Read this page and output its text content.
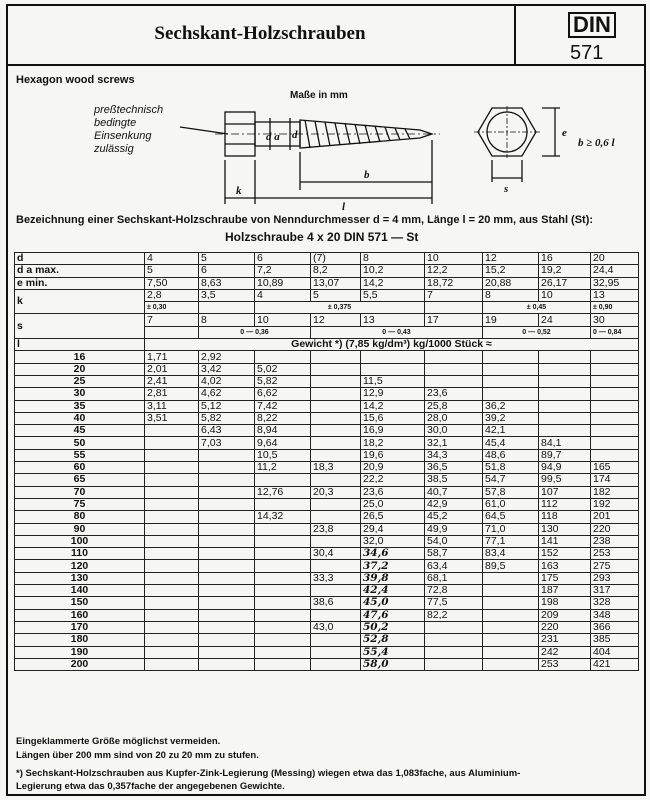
Sechskant-Holzschrauben	DIN
571
Hexagon wood screws
Maße in mm
preßtechnisch
bedingte
Einsenkung
zulässig
d a d
b
k
l
s
e
b ≥ 0,6 l
Bezeichnung einer Sechskant-Holzschraube von Nenndurchmesser d = 4 mm, Länge l = 20 mm, aus Stahl (St):
Holzschraube 4 x 20 DIN 571 — St
d	4	5	6	(7)	8	10	12	16	20
d a max.	5	6	7,2	8,2	10,2	12,2	15,2	19,2	24,4
e min.	7,50	8,63	10,89	13,07	14,2	18,72	20,88	26,17	32,95
k	2,8	3,5	4	5	5,5	7	8	10	13
	± 0,30		± 0,375				± 0,45		± 0,90
s	7	8	10	12	13	17	19	24	30
		0 — 0,36		0 — 0,43			0 — 0,52		0 — 0,84
l	Gewicht *) (7,85 kg/dm³) kg/1000 Stück ≈								
16	1,71	2,92							
20	2,01	3,42	5,02						
25	2,41	4,02	5,82		11,5				
30	2,81	4,62	6,62		12,9	23,6			
35	3,11	5,12	7,42		14,2	25,8	36,2		
40	3,51	5,82	8,22		15,6	28,0	39,2		
45		6,43	8,94		16,9	30,0	42,1		
50		7,03	9,64		18,2	32,1	45,4	84,1	
55			10,5		19,6	34,3	48,6	89,7	
60			11,2	18,3	20,9	36,5	51,8	94,9	165
65					22,2	38,5	54,7	99,5	174
70			12,76	20,3	23,6	40,7	57,8	107	182
75					25,0	42,9	61,0	112	192
80			14,32		26,5	45,2	64,5	118	201
90				23,8	29,4	49,9	71,0	130	220
100					32,0	54,0	77,1	141	238
110				30,4	34,6	58,7	83,4	152	253
120					37,2	63,4	89,5	163	275
130				33,3	39,8	68,1		175	293
140					42,4	72,8		187	317
150				38,6	45,0	77,5		198	328
160					47,6	82,2		209	348
170				43,0	50,2			220	366
180					52,8			231	385
190					55,4			242	404
200					58,0			253	421
Eingeklammerte Größe möglichst vermeiden.
Längen über 200 mm sind von 20 zu 20 mm zu stufen.
*) Sechskant-Holzschrauben aus Kupfer-Zink-Legierung (Messing) wiegen etwa das 1,083fache, aus Aluminium-
Legierung etwa das 0,357fache der angegebenen Gewichte.
